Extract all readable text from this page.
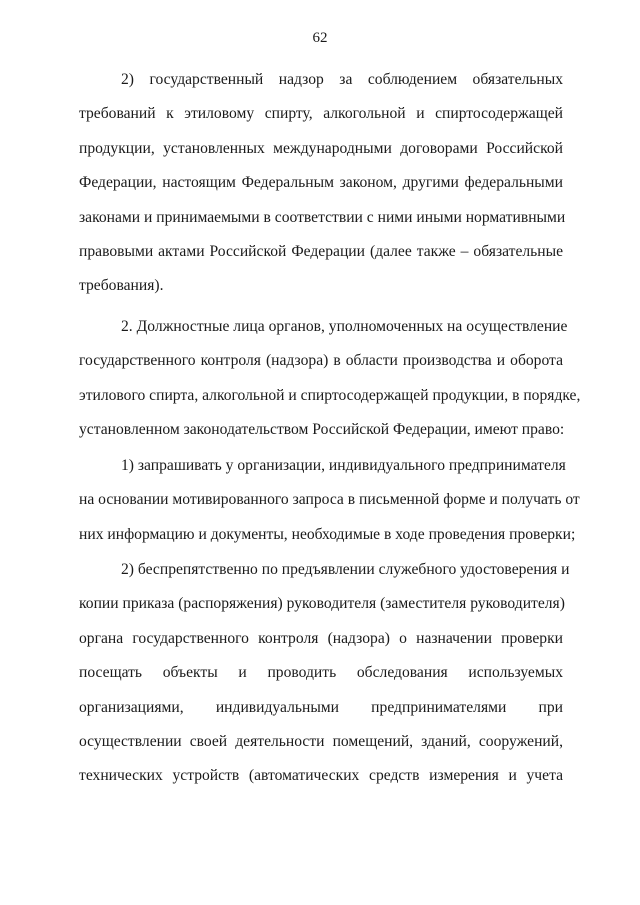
62
2) государственный надзор за соблюдением обязательных
требований к этиловому спирту, алкогольной и спиртосодержащей
продукции, установленных международными договорами Российской
Федерации, настоящим Федеральным законом, другими федеральными
законами и принимаемыми в соответствии с ними иными нормативными
правовыми актами Российской Федерации (далее также – обязательные
требования).
2. Должностные лица органов, уполномоченных на осуществление
государственного контроля (надзора) в области производства и оборота
этилового спирта, алкогольной и спиртосодержащей продукции, в порядке,
установленном законодательством Российской Федерации, имеют право:
1) запрашивать у организации, индивидуального предпринимателя
на основании мотивированного запроса в письменной форме и получать от
них информацию и документы, необходимые в ходе проведения проверки;
2) беспрепятственно по предъявлении служебного удостоверения и
копии приказа (распоряжения) руководителя (заместителя руководителя)
органа государственного контроля (надзора) о назначении проверки
посещать объекты и проводить обследования используемых
организациями, индивидуальными предпринимателями при
осуществлении своей деятельности помещений, зданий, сооружений,
технических устройств (автоматических средств измерения и учета
